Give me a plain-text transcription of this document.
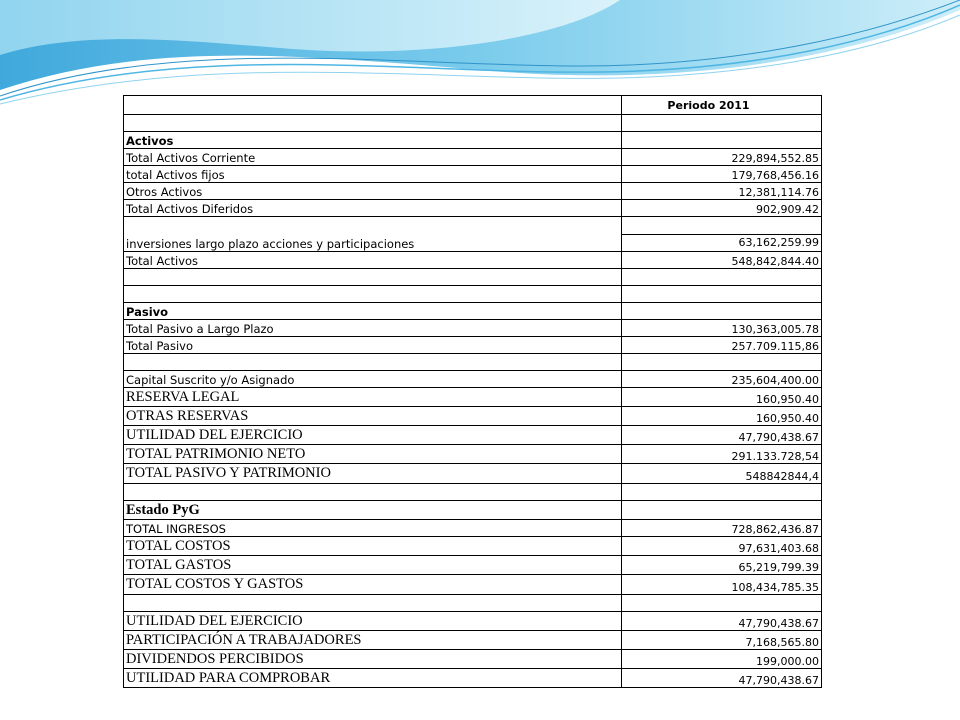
	Periodo 2011

Activos	
Total Activos Corriente	229,894,552.85
total Activos fijos	179,768,456.16
Otros Activos	12,381,114.76
Total Activos Diferidos	902,909.42
inversiones largo plazo acciones y participaciones	63,162,259.99

Total Activos	548,842,844.40

Pasivo	
Total Pasivo a Largo Plazo	130,363,005.78
Total Pasivo	257.709.115,86

Capital Suscrito y/o Asignado	235,604,400.00
RESERVA LEGAL	160,950.40
OTRAS RESERVAS	160,950.40
UTILIDAD DEL EJERCICIO	47,790,438.67
TOTAL PATRIMONIO NETO	291.133.728,54
TOTAL PASIVO Y PATRIMONIO	548842844,4

Estado PyG	
TOTAL INGRESOS	728,862,436.87
TOTAL COSTOS	97,631,403.68
TOTAL GASTOS	65,219,799.39
TOTAL COSTOS Y GASTOS	108,434,785.35

UTILIDAD DEL EJERCICIO	47,790,438.67
PARTICIPACIÓN A TRABAJADORES	7,168,565.80
DIVIDENDOS PERCIBIDOS	199,000.00
UTILIDAD PARA COMPROBAR	47,790,438.67
